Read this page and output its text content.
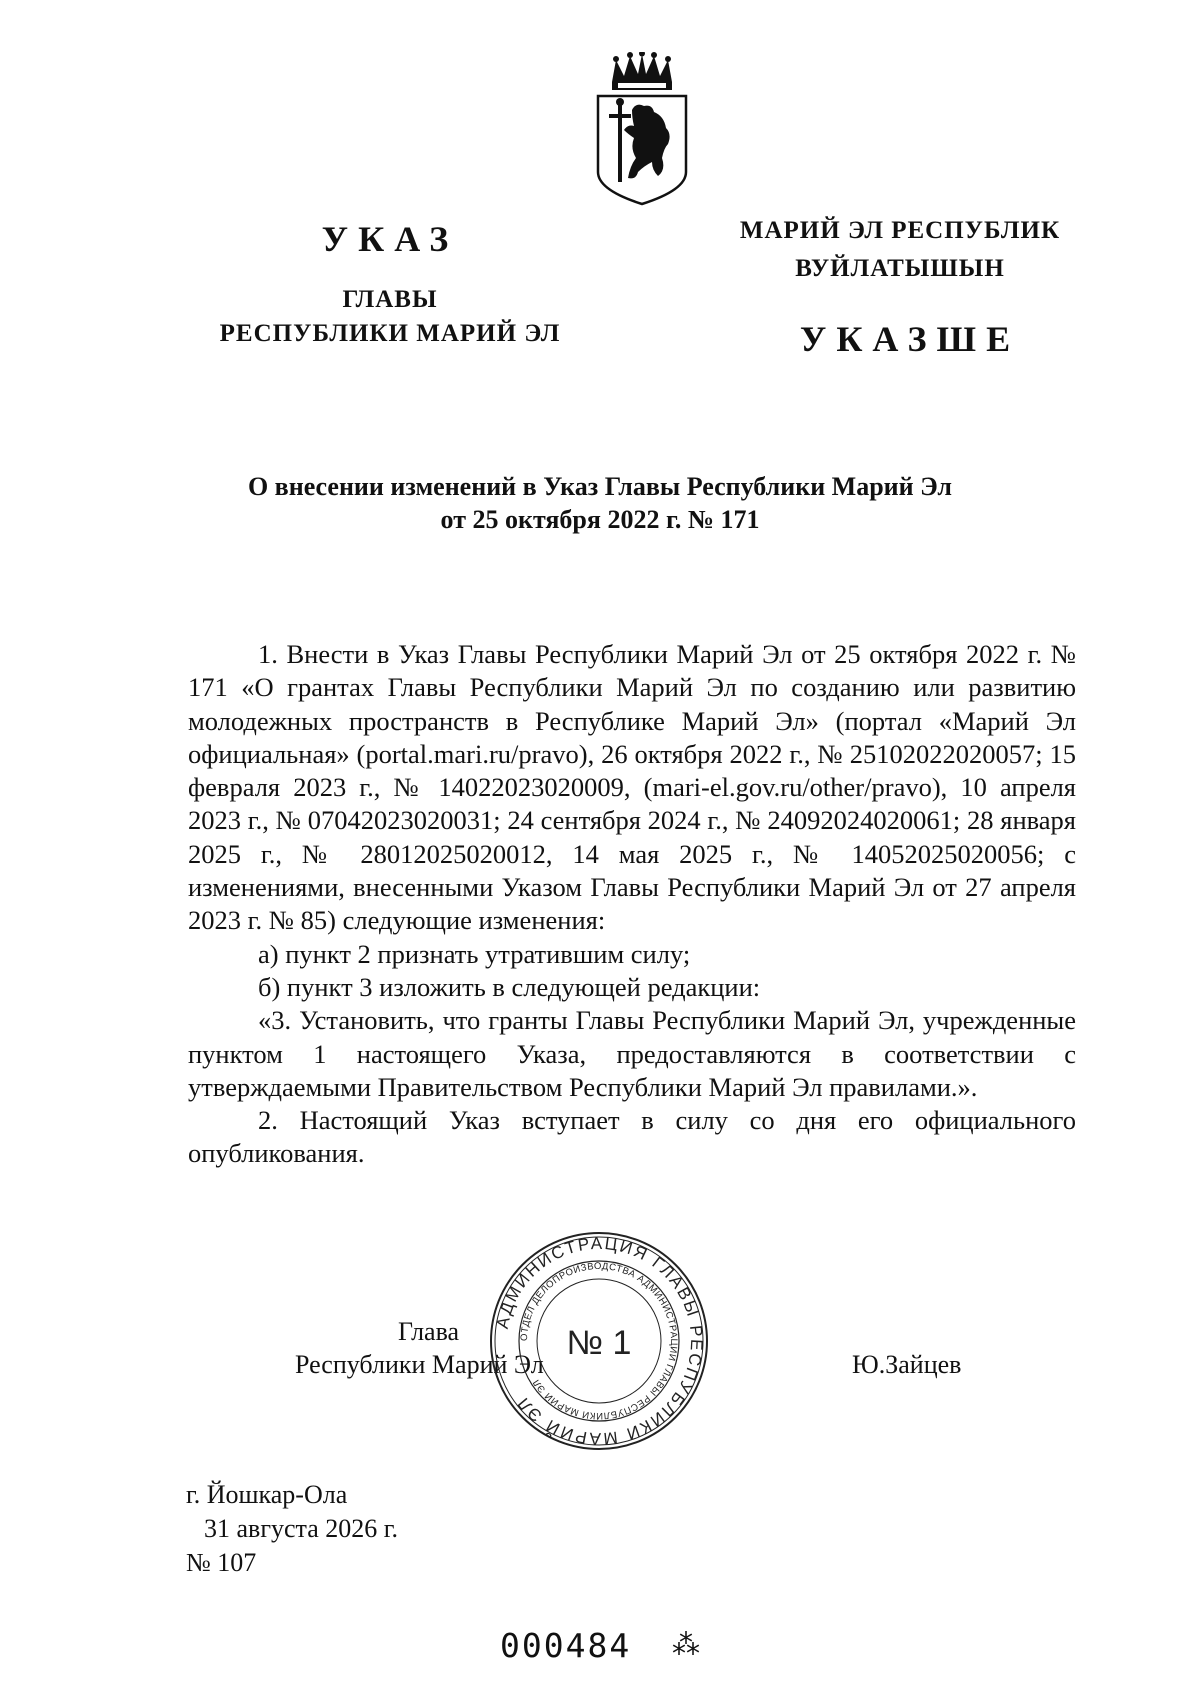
УКАЗ
ГЛАВЫ
РЕСПУБЛИКИ МАРИЙ ЭЛ
МАРИЙ ЭЛ РЕСПУБЛИК
ВУЙЛАТЫШЫН
УКАЗШЕ
О внесении изменений в Указ Главы Республики Марий Эл
от 25 октября 2022 г. № 171

1. Внести в Указ Главы Республики Марий Эл от 25 октября 2022 г. № 171 «О грантах Главы Республики Марий Эл по созданию или развитию молодежных пространств в Республике Марий Эл» (портал «Марий Эл официальная» (portal.mari.ru/pravo), 26 октября 2022 г., № 25102022020057; 15 февраля 2023 г., № 14022023020009, (mari-el.gov.ru/other/pravo), 10 апреля 2023 г., № 07042023020031; 24 сентября 2024 г., № 24092024020061; 28 января 2025 г., № 28012025020012, 14 мая 2025 г., № 14052025020056; с изменениями, внесенными Указом Главы Республики Марий Эл от 27 апреля 2023 г. № 85) следующие изменения:

а) пункт 2 признать утратившим силу;

б) пункт 3 изложить в следующей редакции:

«3. Установить, что гранты Главы Республики Марий Эл, учрежденные пунктом 1 настоящего Указа, предоставляются в соответствии с утверждаемыми Правительством Республики Марий Эл правилами.».

2. Настоящий Указ вступает в силу со дня его официального опубликования.

Глава
Республики Марий Эл	Ю.Зайцев
АДМИНИСТРАЦИЯ ГЛАВЫ РЕСПУБЛИКИ МАРИЙ ЭЛ
ОТДЕЛ ДЕЛОПРОИЗВОДСТВА АДМИНИСТРАЦИИ ГЛАВЫ РЕСПУБЛИКИ МАРИЙ ЭЛ
№ 1
г. Йошкар-Ола
31 августа 2026 г.
№ 107
000484 ⁂
